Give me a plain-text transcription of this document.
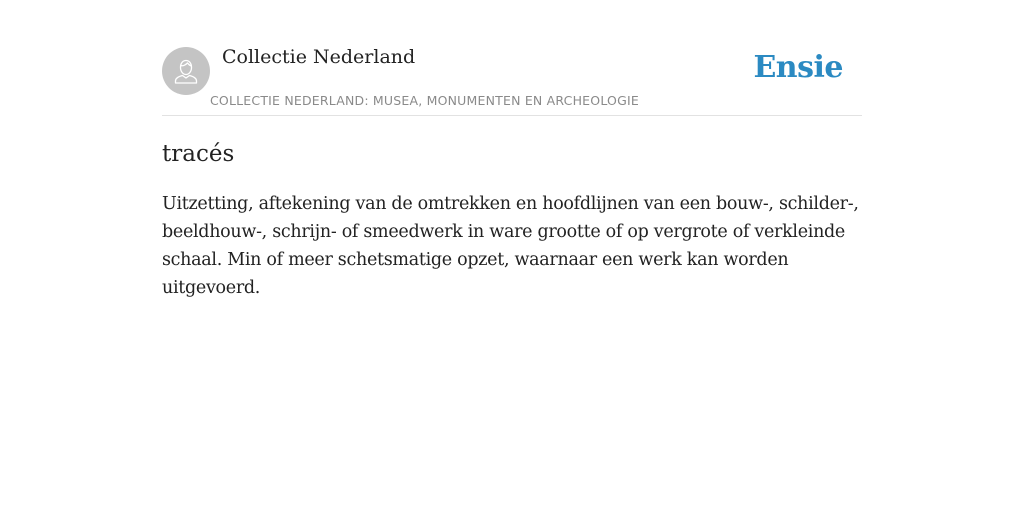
Collectie Nederland
COLLECTIE NEDERLAND: MUSEA, MONUMENTEN EN ARCHEOLOGIE
Ensie
tracés
Uitzetting, aftekening van de omtrekken en hoofdlijnen van een bouw-, schilder-, beeldhouw-, schrijn- of smeedwerk in ware grootte of op vergrote of verkleinde schaal. Min of meer schetsmatige opzet, waarnaar een werk kan worden uitgevoerd.
